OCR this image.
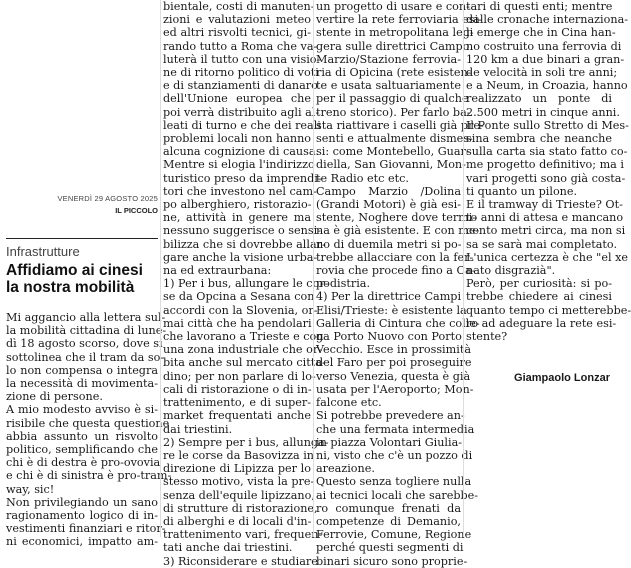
VENERDÌ 29 AGOSTO 2025
IL PICCOLO
Infrastrutture
Affidiamo ai cinesi la nostra mobilità
Mi aggancio alla lettera sul-
la mobilità cittadina di lune-
dì 18 agosto scorso, dove si
sottolinea che il tram da so-
lo non compensa o integra
la necessità di movimenta-
zione di persone.
A mio modesto avviso è si-
risibile che questa questione
abbia assunto un risvolto
politico, semplificando che
chi è di destra è pro-ovovia
e chi è di sinistra è pro-tram-
way, sic!
Non privilegiando un sano
ragionamento logico di in-
vestimenti finanziari e ritor-
ni economici, impatto am-
bientale, costi di manuten-
zioni e valutazioni meteo
ed altri risvolti tecnici, gi-
rando tutto a Roma che va-
luterà il tutto con una visio-
ne di ritorno politico di voti
e di stanziamenti di danaro
dell'Unione europea che
poi verrà distribuito agli al-
leati di turno e che dei reali
problemi locali non hanno
alcuna cognizione di causa.
Mentre si elogia l'indirizzo
turistico preso da imprendi-
tori che investono nel cam-
po alberghiero, ristorazio-
ne, attività in genere ma
nessuno suggerisce o sensi-
bilizza che si dovrebbe allar-
gare anche la visione urba-
na ed extraurbana:
1) Per i bus, allungare le cor-
se da Opcina a Sesana con
accordi con la Slovenia, or-
mai città che ha pendolari
che lavorano a Trieste e con
una zona industriale che or-
bita anche sul mercato citta-
dino; per non parlare di lo-
cali di ristorazione o di in-
trattenimento, e di super-
market frequentati anche
dai triestini.
2) Sempre per i bus, allunga-
re le corse da Basovizza in
direzione di Lipizza per lo
stesso motivo, vista la pre-
senza dell'equile lipizzano,
di strutture di ristorazione,
di alberghi e di locali d'in-
trattenimento vari, frequen-
tati anche dai triestini.
3) Riconsiderare e studiare
un progetto di usare e con-
vertire la rete ferroviaria esi-
stente in metropolitana leg-
gera sulle direttrici Campo
Marzio/Stazione ferrovia-
ria di Opicina (rete esisten-
te e usata saltuariamente
per il passaggio di qualche
treno storico). Per farlo ba-
sta riattivare i caselli già pre-
senti e attualmente dismes-
si: come Montebello, Guar-
diella, San Giovanni, Mon-
te Radio etc etc.
Campo Marzio /Dolina
(Grandi Motori) è già esi-
stente, Noghere dove termi-
na è già esistente. E con me-
no di duemila metri si po-
trebbe allacciare con la fer-
rovia che procede fino a Ca-
podistria.
4) Per la direttrice Campi
Elisi/Trieste: è esistente la
Galleria di Cintura che colle-
ga Porto Nuovo con Porto
Vecchio. Esce in prossimità
del Faro per poi proseguire
verso Venezia, questa è già
usata per l'Aeroporto; Mon-
falcone etc.
Si potrebbe prevedere an-
che una fermata intermedia
in piazza Volontari Giulia-
ni, visto che c'è un pozzo di
areazione.
Questo senza togliere nulla
ai tecnici locali che sarebbe-
ro comunque frenati da
competenze di Demanio,
Ferrovie, Comune, Regione
perché questi segmenti di
binari sicuro sono proprie-
tari di questi enti; mentre
dalle cronache internaziona-
li emerge che in Cina han-
no costruito una ferrovia di
120 km a due binari a gran-
de velocità in soli tre anni;
e a Neum, in Croazia, hanno
realizzato un ponte di
2.500 metri in cinque anni.
Il Ponte sullo Stretto di Mes-
sina sembra che neanche
sulla carta sia stato fatto co-
me progetto definitivo; ma i
vari progetti sono già costa-
ti quanto un pilone.
E il tramway di Trieste? Ot-
to anni di attesa e mancano
cento metri circa, ma non si
sa se sarà mai completato.
L'unica certezza è che "el xe
nato disgrazià".
Però, per curiosità: si po-
trebbe chiedere ai cinesi
quanto tempo ci metterebbe-
ro ad adeguare la rete esi-
stente?
Giampaolo Lonzar
